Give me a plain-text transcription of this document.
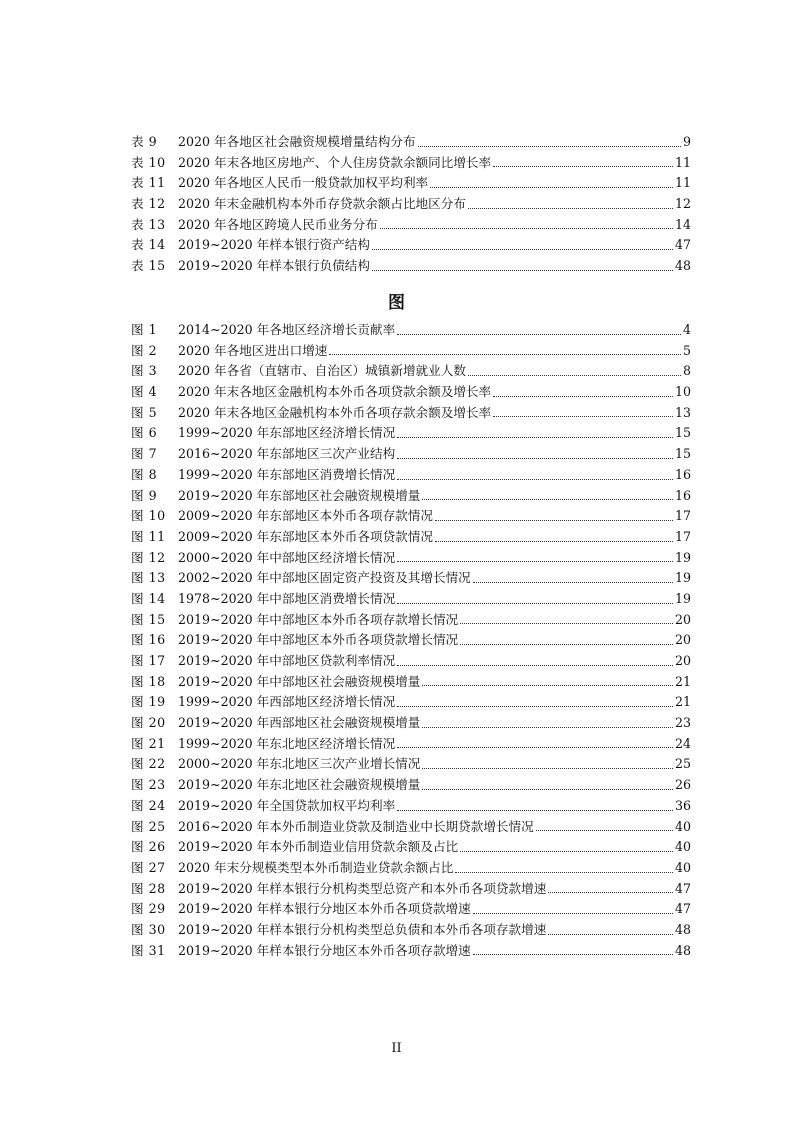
表 9	2020 年各地区社会融资规模增量结构分布	9
表 10 2020 年末各地区房地产、个人住房贷款余额同比增长率	11
表 11 2020 年各地区人民币一般贷款加权平均利率	11
表 12 2020 年末金融机构本外币存贷款余额占比地区分布	12
表 13 2020 年各地区跨境人民币业务分布	14
表 14 2019~2020 年样本银行资产结构	47
表 15 2019~2020 年样本银行负债结构	48
图
图 1	2014~2020 年各地区经济增长贡献率	4
图 2	2020 年各地区进出口增速	5
图 3	2020 年各省（直辖市、自治区）城镇新增就业人数	8
图 4	2020 年末各地区金融机构本外币各项贷款余额及增长率	10
图 5	2020 年末各地区金融机构本外币各项存款余额及增长率	13
图 6	1999~2020 年东部地区经济增长情况	15
图 7	2016~2020 年东部地区三次产业结构	15
图 8	1999~2020 年东部地区消费增长情况	16
图 9	2019~2020 年东部地区社会融资规模增量	16
图 10 2009~2020 年东部地区本外币各项存款情况	17
图 11 2009~2020 年东部地区本外币各项贷款情况	17
图 12 2000~2020 年中部地区经济增长情况	19
图 13 2002~2020 年中部地区固定资产投资及其增长情况	19
图 14 1978~2020 年中部地区消费增长情况	19
图 15 2019~2020 年中部地区本外币各项存款增长情况	20
图 16 2019~2020 年中部地区本外币各项贷款增长情况	20
图 17 2019~2020 年中部地区贷款利率情况	20
图 18 2019~2020 年中部地区社会融资规模增量	21
图 19 1999~2020 年西部地区经济增长情况	21
图 20 2019~2020 年西部地区社会融资规模增量	23
图 21 1999~2020 年东北地区经济增长情况	24
图 22 2000~2020 年东北地区三次产业增长情况	25
图 23 2019~2020 年东北地区社会融资规模增量	26
图 24 2019~2020 年全国贷款加权平均利率	36
图 25 2016~2020 年本外币制造业贷款及制造业中长期贷款增长情况	40
图 26 2019~2020 年本外币制造业信用贷款余额及占比	40
图 27 2020 年末分规模类型本外币制造业贷款余额占比	40
图 28 2019~2020 年样本银行分机构类型总资产和本外币各项贷款增速	47
图 29 2019~2020 年样本银行分地区本外币各项贷款增速	47
图 30 2019~2020 年样本银行分机构类型总负债和本外币各项存款增速	48
图 31 2019~2020 年样本银行分地区本外币各项存款增速	48
II
